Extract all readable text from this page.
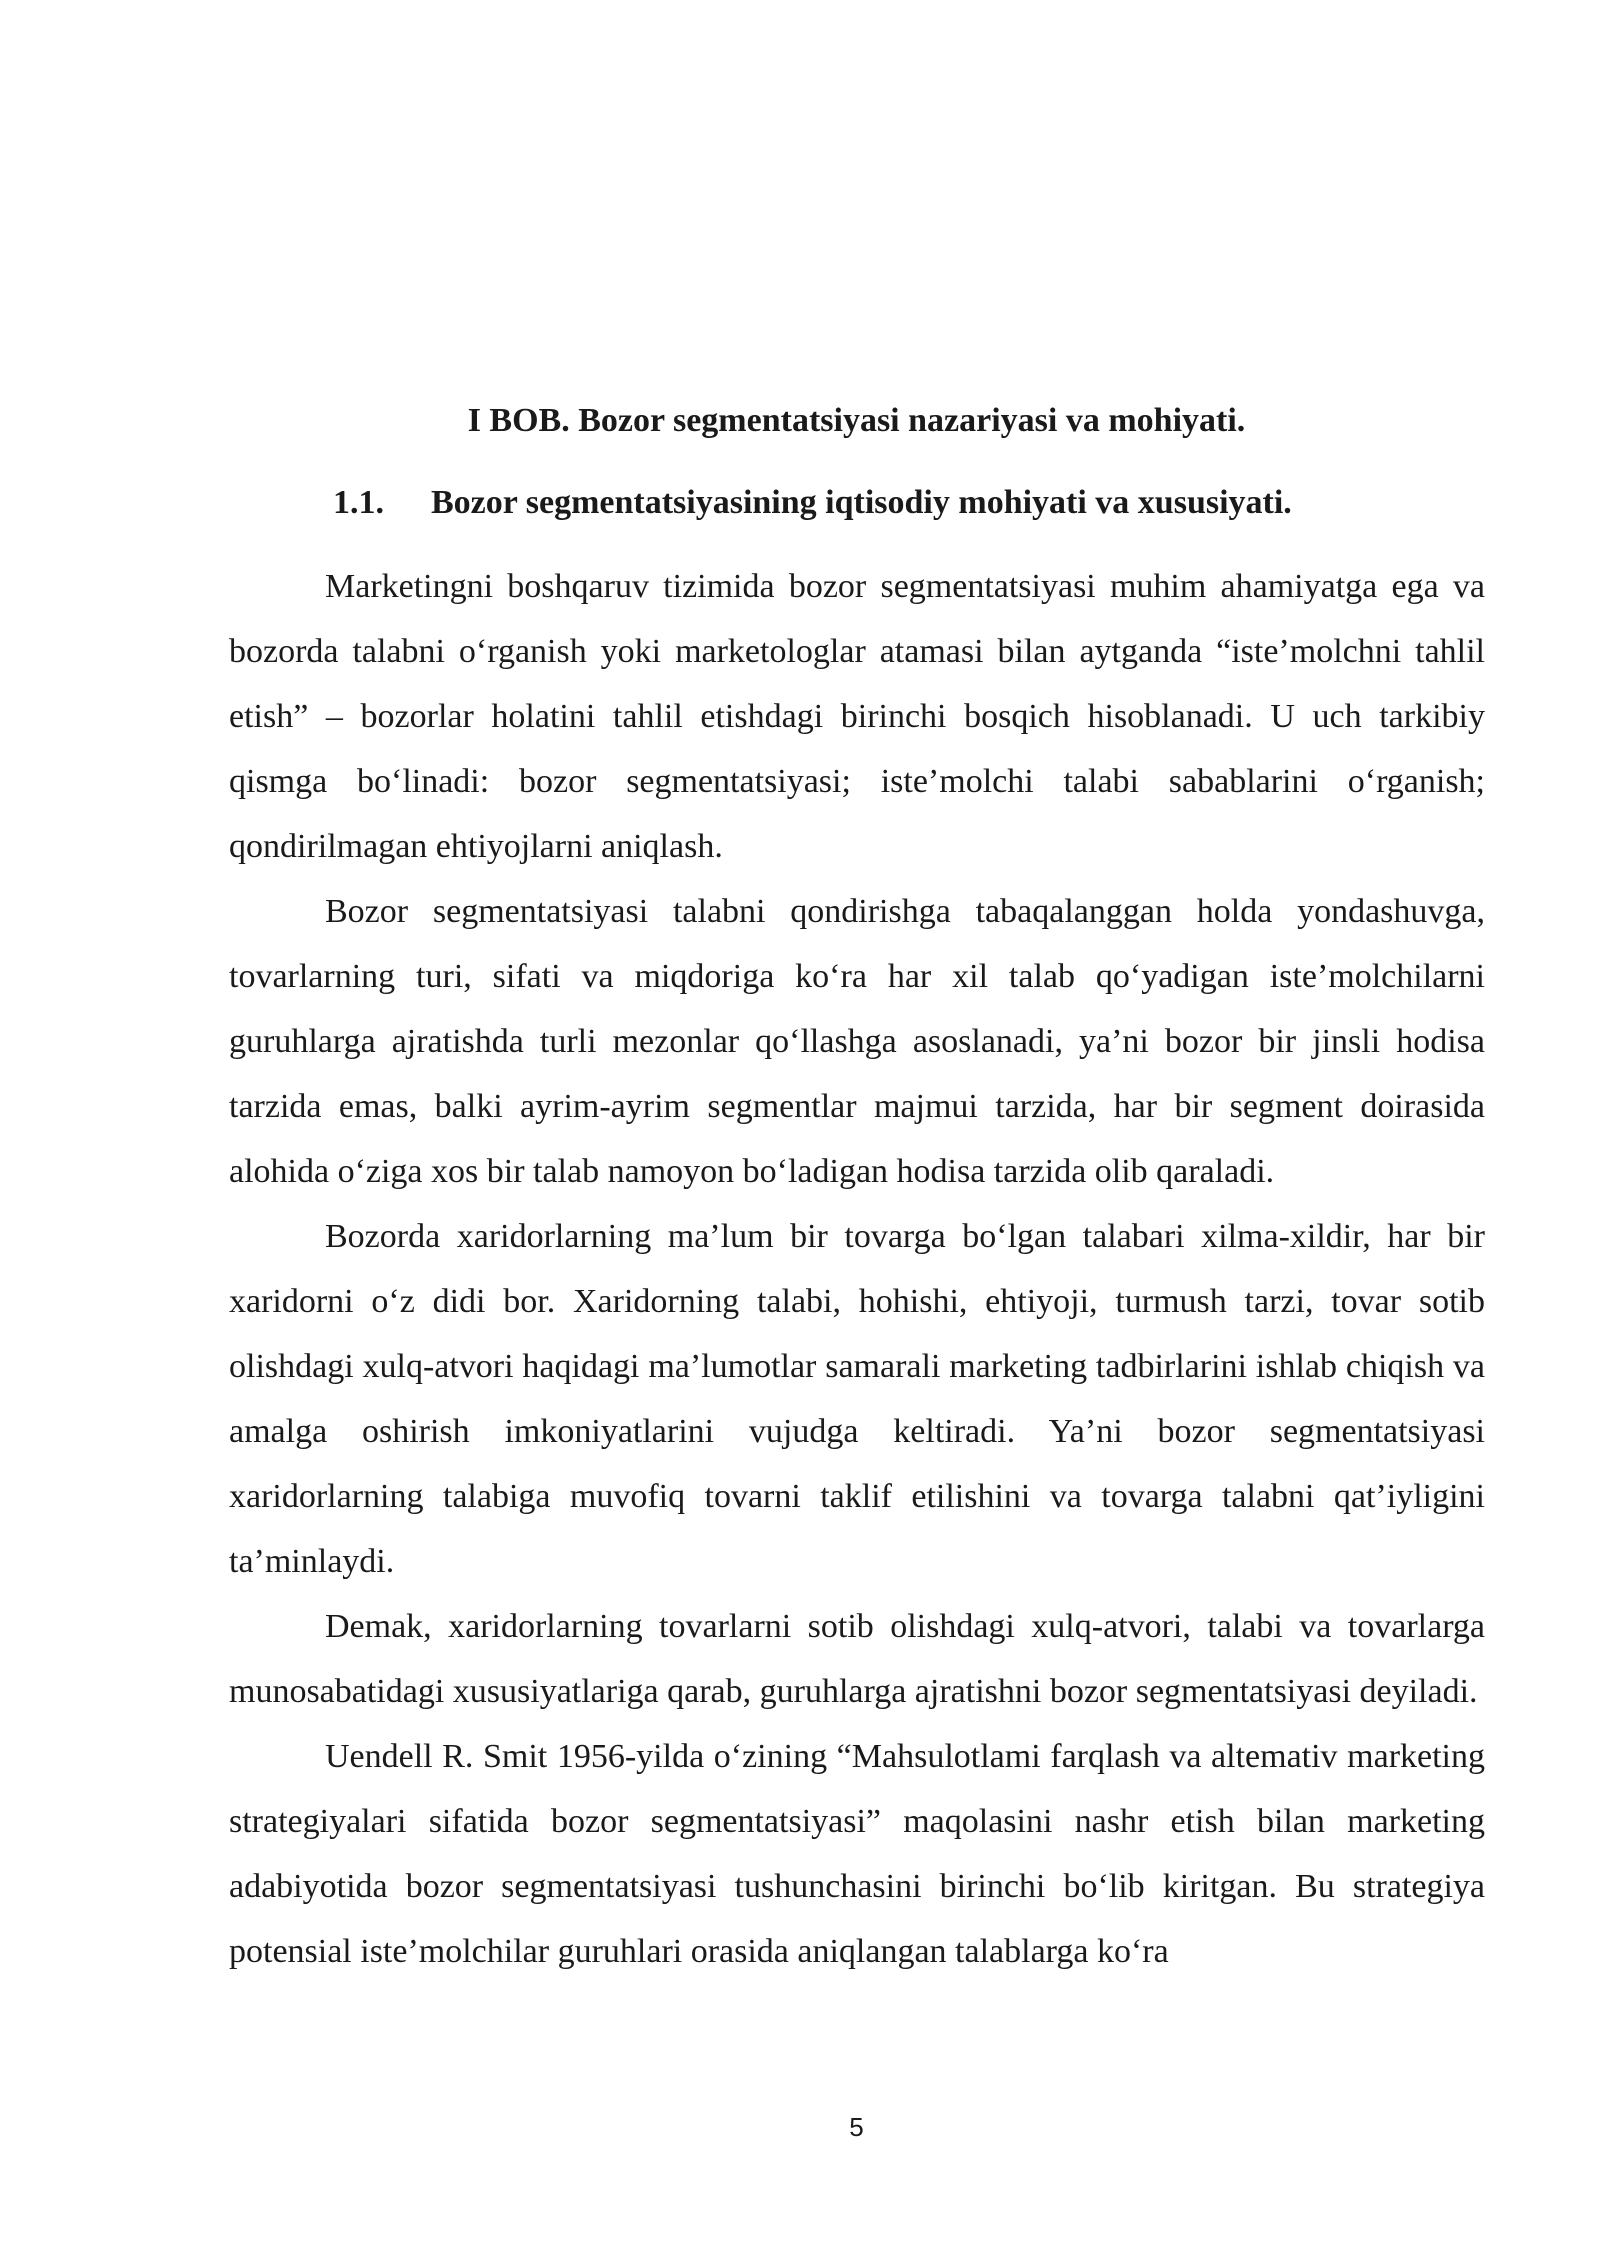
I BOB. Bozor segmentatsiyasi nazariyasi va mohiyati.
1.1. Bozor segmentatsiyasining iqtisodiy mohiyati va xususiyati.

Marketingni boshqaruv tizimida bozor segmentatsiyasi muhim ahamiyatga ega va bozorda talabni o‘rganish yoki marketologlar atamasi bilan aytganda “iste’molchni tahlil etish” – bozorlar holatini tahlil etishdagi birinchi bosqich hisoblanadi. U uch tarkibiy qismga bo‘linadi: bozor segmentatsiyasi; iste’molchi talabi sabablarini o‘rganish; qondirilmagan ehtiyojlarni aniqlash.

Bozor segmentatsiyasi talabni qondirishga tabaqalanggan holda yondashuvga, tovarlarning turi, sifati va miqdoriga ko‘ra har xil talab qo‘yadigan iste’molchilarni guruhlarga ajratishda turli mezonlar qo‘llashga asoslanadi, ya’ni bozor bir jinsli hodisa tarzida emas, balki ayrim-ayrim segmentlar majmui tarzida, har bir segment doirasida alohida o‘ziga xos bir talab namoyon bo‘ladigan hodisa tarzida olib qaraladi.

Bozorda xaridorlarning ma’lum bir tovarga bo‘lgan talabari xilma-xildir, har bir xaridorni o‘z didi bor. Xaridorning talabi, hohishi, ehtiyoji, turmush tarzi, tovar sotib olishdagi xulq-atvori haqidagi ma’lumotlar samarali marketing tadbirlarini ishlab chiqish va amalga oshirish imkoniyatlarini vujudga keltiradi. Ya’ni bozor segmentatsiyasi xaridorlarning talabiga muvofiq tovarni taklif etilishini va tovarga talabni qat’iyligini ta’minlaydi.

Demak, xaridorlarning tovarlarni sotib olishdagi xulq-atvori, talabi va tovarlarga munosabatidagi xususiyatlariga qarab, guruhlarga ajratishni bozor segmentatsiyasi deyiladi.

Uendell R. Smit 1956-yilda o‘zining “Mahsulotlami farqlash va altemativ marketing strategiyalari sifatida bozor segmentatsiyasi” maqolasini nashr etish bilan marketing adabiyotida bozor segmentatsiyasi tushunchasini birinchi bo‘lib kiritgan. Bu strategiya potensial iste’molchilar guruhlari orasida aniqlangan talablarga ko‘ra

5
